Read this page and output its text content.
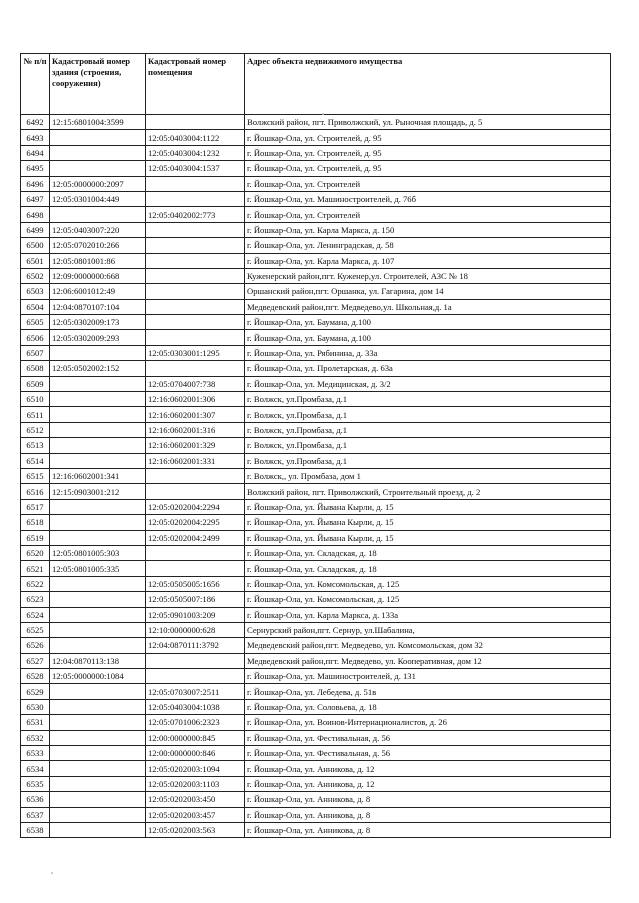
№ п/п	Кадастровый номер здания (строения, сооружения)	Кадастровый номер помещения	Адрес объекта недвижимого имущества
6492	12:15:6801004:3599		Волжский район, пгт. Приволжский, ул. Рыночная площадь, д. 5
6493		12:05:0403004:1122	г. Йошкар-Ола, ул. Строителей, д. 95
6494		12:05:0403004:1232	г. Йошкар-Ола, ул. Строителей, д. 95
6495		12:05:0403004:1537	г. Йошкар-Ола, ул. Строителей, д. 95
6496	12:05:0000000:2097		г. Йошкар-Ола, ул. Строителей
6497	12:05:0301004:449		г. Йошкар-Ола, ул. Машиностроителей, д. 76б
6498		12:05:0402002:773	г. Йошкар-Ола, ул. Строителей
6499	12:05:0403007:220		г. Йошкар-Ола, ул. Карла Маркса, д. 150
6500	12:05:0702010:266		г. Йошкар-Ола, ул. Ленинградская, д. 58
6501	12:05:0801001:86		г. Йошкар-Ола, ул. Карла Маркса, д. 107
6502	12:09:0000000:668		Куженерский район,пгт. Куженер,ул. Строителей, АЗС № 18
6503	12:06:6001012:49		Оршанский район,пгт. Оршанка, ул. Гагарина, дом 14
6504	12:04:0870107:104		Медведевский район,пгт. Медведево,ул. Школьная,д. 1а
6505	12:05:0302009:173		г. Йошкар-Ола, ул. Баумана, д.100
6506	12:05:0302009:293		г. Йошкар-Ола, ул. Баумана, д.100
6507		12:05:0303001:1295	г. Йошкар-Ола, ул. Рябинина, д. 33а
6508	12:05:0502002:152		г. Йошкар-Ола, ул. Пролетарская, д. 63а
6509		12:05:0704007:738	г. Йошкар-Ола, ул. Медицинская, д. 3/2
6510		12:16:0602001:306	г. Волжск, ул.Промбаза, д.1
6511		12:16:0602001:307	г. Волжск, ул.Промбаза, д.1
6512		12:16:0602001:316	г. Волжск, ул.Промбаза, д.1
6513		12:16:0602001:329	г. Волжск, ул.Промбаза, д.1
6514		12:16:0602001:331	г. Волжск, ул.Промбаза, д.1
6515	12:16:0602001:341		г. Волжск,, ул. Промбаза, дом 1
6516	12:15:0903001:212		Волжский район, пгт. Приволжский, Строительный проезд, д. 2
6517		12:05:0202004:2294	г. Йошкар-Ола, ул. Йывана Кырли, д. 15
6518		12:05:0202004:2295	г. Йошкар-Ола, ул. Йывана Кырли, д. 15
6519		12:05:0202004:2499	г. Йошкар-Ола, ул. Йывана Кырли, д. 15
6520	12:05:0801005:303		г. Йошкар-Ола, ул. Складская, д. 18
6521	12:05:0801005:335		г. Йошкар-Ола, ул. Складская, д. 18
6522		12:05:0505005:1656	г. Йошкар-Ола, ул. Комсомольская, д. 125
6523		12:05:0505007:186	г. Йошкар-Ола, ул. Комсомольская, д. 125
6524		12:05:0901003:209	г. Йошкар-Ола, ул. Карла Маркса, д. 133а
6525		12:10:0000000:628	Сернурский район,пгт. Сернур, ул.Шабалина,
6526		12:04:0870111:3792	Медведевский район,пгт. Медведево, ул. Комсомольская, дом 32
6527	12:04:0870113:138		Медведевский район,пгт. Медведево, ул. Кооперативная, дом 12
6528	12:05:0000000:1084		г. Йошкар-Ола, ул. Машиностроителей, д. 131
6529		12:05:0703007:2511	г. Йошкар-Ола, ул. Лебедева, д. 51в
6530		12:05:0403004:1038	г. Йошкар-Ола, ул. Соловьева, д. 18
6531		12:05:0701006:2323	г. Йошкар-Ола, ул. Воинов-Интернационалистов, д. 26
6532		12:00:0000000:845	г. Йошкар-Ола, ул. Фестивальная, д. 56
6533		12:00:0000000:846	г. Йошкар-Ола, ул. Фестивальная, д. 56
6534		12:05:0202003:1094	г. Йошкар-Ола, ул. Анникова, д. 12
6535		12:05:0202003:1103	г. Йошкар-Ола, ул. Анникова, д. 12
6536		12:05:0202003:450	г. Йошкар-Ола, ул. Анникова, д. 8
6537		12:05:0202003:457	г. Йошкар-Ола, ул. Анникова, д. 8
6538		12:05:0202003:563	г. Йошкар-Ола, ул. Анникова, д. 8
